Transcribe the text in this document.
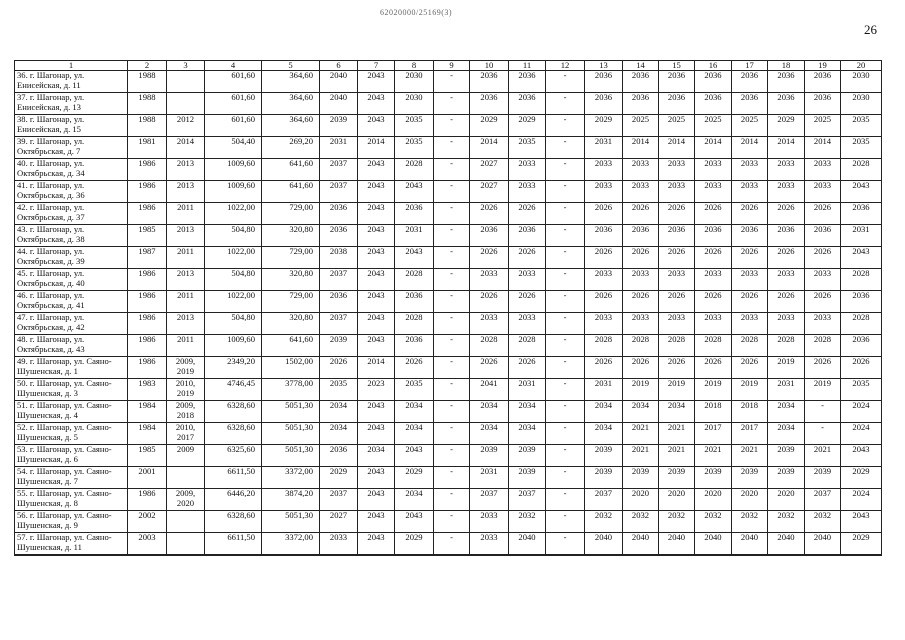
62020000/25169(3)
26
1	2	3	4	5	6	7	8	9	10	11	12	13	14	15	16	17	18	19	20
36. г. Шагонар, ул. Енисейская, д. 11	1988		601,60	364,60	2040	2043	2030	-	2036	2036	-	2036	2036	2036	2036	2036	2036	2036	2030
37. г. Шагонар, ул. Енисейская, д. 13	1988		601,60	364,60	2040	2043	2030	-	2036	2036	-	2036	2036	2036	2036	2036	2036	2036	2030
38. г. Шагонар, ул. Енисейская, д. 15	1988	2012	601,60	364,60	2039	2043	2035	-	2029	2029	-	2029	2025	2025	2025	2025	2029	2025	2035
39. г. Шагонар, ул. Октябрьская, д. 7	1981	2014	504,40	269,20	2031	2014	2035	-	2014	2035	-	2031	2014	2014	2014	2014	2014	2014	2035
40. г. Шагонар, ул. Октябрьская, д. 34	1986	2013	1009,60	641,60	2037	2043	2028	-	2027	2033	-	2033	2033	2033	2033	2033	2033	2033	2028
41. г. Шагонар, ул. Октябрьская, д. 36	1986	2013	1009,60	641,60	2037	2043	2043	-	2027	2033	-	2033	2033	2033	2033	2033	2033	2033	2043
42. г. Шагонар, ул. Октябрьская, д. 37	1986	2011	1022,00	729,00	2036	2043	2036	-	2026	2026	-	2026	2026	2026	2026	2026	2026	2026	2036
43. г. Шагонар, ул. Октябрьская, д. 38	1985	2013	504,80	320,80	2036	2043	2031	-	2036	2036	-	2036	2036	2036	2036	2036	2036	2036	2031
44. г. Шагонар, ул. Октябрьская, д. 39	1987	2011	1022,00	729,00	2038	2043	2043	-	2026	2026	-	2026	2026	2026	2026	2026	2026	2026	2043
45. г. Шагонар, ул. Октябрьская, д. 40	1986	2013	504,80	320,80	2037	2043	2028	-	2033	2033	-	2033	2033	2033	2033	2033	2033	2033	2028
46. г. Шагонар, ул. Октябрьская, д. 41	1986	2011	1022,00	729,00	2036	2043	2036	-	2026	2026	-	2026	2026	2026	2026	2026	2026	2026	2036
47. г. Шагонар, ул. Октябрьская, д. 42	1986	2013	504,80	320,80	2037	2043	2028	-	2033	2033	-	2033	2033	2033	2033	2033	2033	2033	2028
48. г. Шагонар, ул. Октябрьская, д. 43	1986	2011	1009,60	641,60	2039	2043	2036	-	2028	2028	-	2028	2028	2028	2028	2028	2028	2028	2036
49. г. Шагонар, ул. Саяно-Шушенская, д. 1	1986	2009, 2019	2349,20	1502,00	2026	2014	2026	-	2026	2026	-	2026	2026	2026	2026	2026	2019	2026	2026
50. г. Шагонар, ул. Саяно-Шушенская, д. 3	1983	2010, 2019	4746,45	3778,00	2035	2023	2035	-	2041	2031	-	2031	2019	2019	2019	2019	2031	2019	2035
51. г. Шагонар, ул. Саяно-Шушенская, д. 4	1984	2009, 2018	6328,60	5051,30	2034	2043	2034	-	2034	2034	-	2034	2034	2034	2018	2018	2034	-	2024
52. г. Шагонар, ул. Саяно-Шушенская, д. 5	1984	2010, 2017	6328,60	5051,30	2034	2043	2034	-	2034	2034	-	2034	2021	2021	2017	2017	2034	-	2024
53. г. Шагонар, ул. Саяно-Шушенская, д. 6	1985	2009	6325,60	5051,30	2036	2034	2043	-	2039	2039	-	2039	2021	2021	2021	2021	2039	2021	2043
54. г. Шагонар, ул. Саяно-Шушенская, д. 7	2001		6611,50	3372,00	2029	2043	2029	-	2031	2039	-	2039	2039	2039	2039	2039	2039	2039	2029
55. г. Шагонар, ул. Саяно-Шушенская, д. 8	1986	2009, 2020	6446,20	3874,20	2037	2043	2034	-	2037	2037	-	2037	2020	2020	2020	2020	2020	2037	2024
56. г. Шагонар, ул. Саяно-Шушенская, д. 9	2002		6328,60	5051,30	2027	2043	2043	-	2033	2032	-	2032	2032	2032	2032	2032	2032	2032	2043
57. г. Шагонар, ул. Саяно-Шушенская, д. 11	2003		6611,50	3372,00	2033	2043	2029	-	2033	2040	-	2040	2040	2040	2040	2040	2040	2040	2029
